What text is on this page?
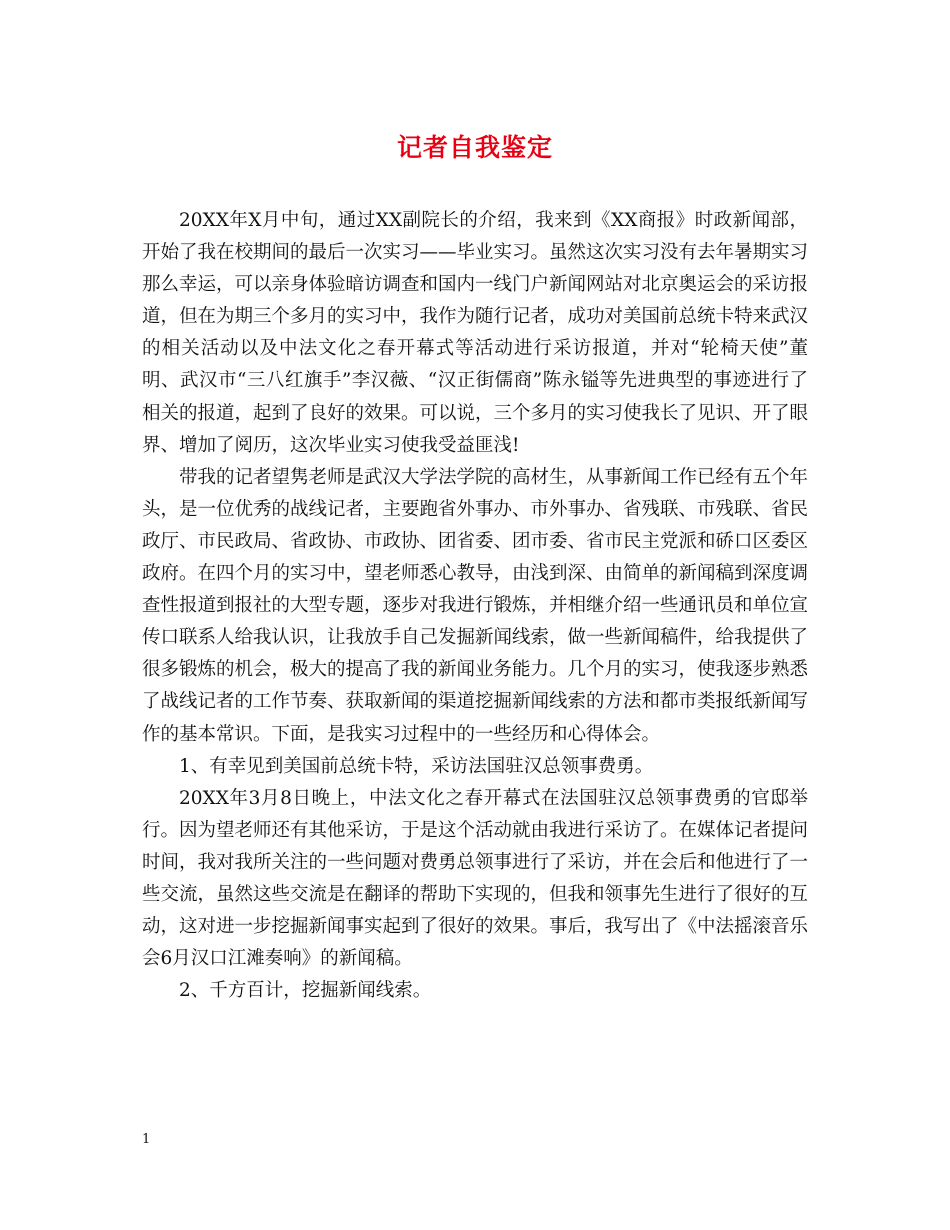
记者自我鉴定

20XX年X月中旬，通过XX副院长的介绍，我来到《XX商报》时政新闻部，开始了我在校期间的最后一次实习——毕业实习。虽然这次实习没有去年暑期实习那么幸运，可以亲身体验暗访调查和国内一线门户新闻网站对北京奥运会的采访报道，但在为期三个多月的实习中，我作为随行记者，成功对美国前总统卡特来武汉的相关活动以及中法文化之春开幕式等活动进行采访报道，并对“轮椅天使”董明、武汉市“三八红旗手”李汉薇、“汉正街儒商”陈永镒等先进典型的事迹进行了相关的报道，起到了良好的效果。可以说，三个多月的实习使我长了见识、开了眼界、增加了阅历，这次毕业实习使我受益匪浅!

带我的记者望隽老师是武汉大学法学院的高材生，从事新闻工作已经有五个年头，是一位优秀的战线记者，主要跑省外事办、市外事办、省残联、市残联、省民政厅、市民政局、省政协、市政协、团省委、团市委、省市民主党派和硚口区委区政府。在四个月的实习中，望老师悉心教导，由浅到深、由简单的新闻稿到深度调查性报道到报社的大型专题，逐步对我进行锻炼，并相继介绍一些通讯员和单位宣传口联系人给我认识，让我放手自己发掘新闻线索，做一些新闻稿件，给我提供了很多锻炼的机会，极大的提高了我的新闻业务能力。几个月的实习，使我逐步熟悉了战线记者的工作节奏、获取新闻的渠道挖掘新闻线索的方法和都市类报纸新闻写作的基本常识。下面，是我实习过程中的一些经历和心得体会。

1、有幸见到美国前总统卡特，采访法国驻汉总领事费勇。

20XX年3月8日晚上，中法文化之春开幕式在法国驻汉总领事费勇的官邸举行。因为望老师还有其他采访，于是这个活动就由我进行采访了。在媒体记者提问时间，我对我所关注的一些问题对费勇总领事进行了采访，并在会后和他进行了一些交流，虽然这些交流是在翻译的帮助下实现的，但我和领事先生进行了很好的互动，这对进一步挖掘新闻事实起到了很好的效果。事后，我写出了《中法摇滚音乐会6月汉口江滩奏响》的新闻稿。

2、千方百计，挖掘新闻线索。

1
